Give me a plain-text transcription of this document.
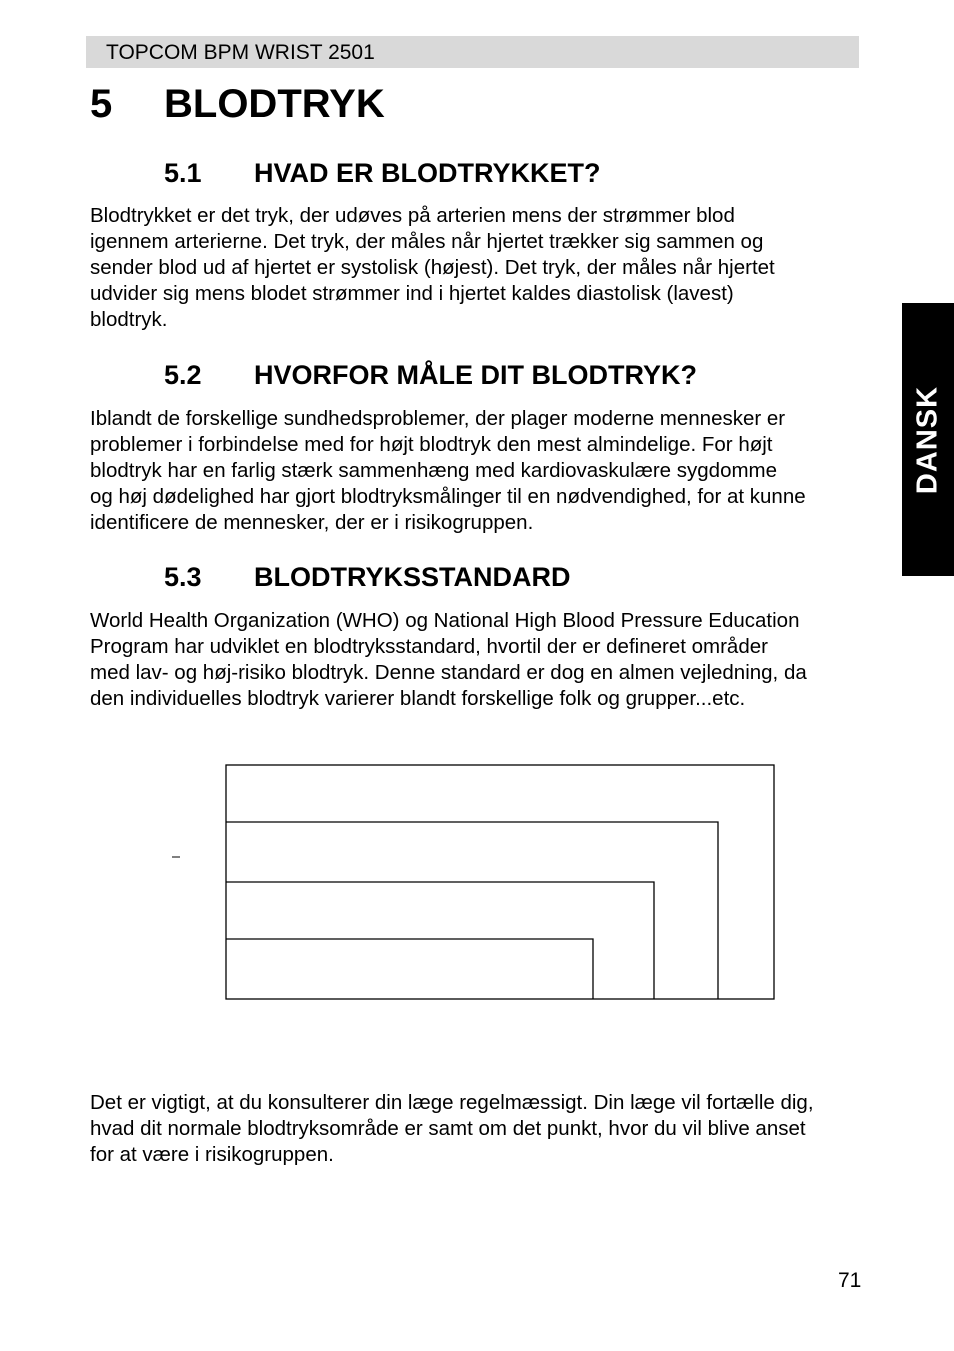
TOPCOM BPM WRIST 2501
DANSK
5 BLODTRYK
5.1 HVAD ER BLODTRYKKET?

Blodtrykket er det tryk, der udøves på arterien mens der strømmer blod
igennem arterierne. Det tryk, der måles når hjertet trækker sig sammen og
sender blod ud af hjertet er systolisk (højest). Det tryk, der måles når hjertet
udvider sig mens blodet strømmer ind i hjertet kaldes diastolisk (lavest)
blodtryk.

5.2 HVORFOR MÅLE DIT BLODTRYK?

Iblandt de forskellige sundhedsproblemer, der plager moderne mennesker er
problemer i forbindelse med for højt blodtryk den mest almindelige. For højt
blodtryk har en farlig stærk sammenhæng med kardiovaskulære sygdomme
og høj dødelighed har gjort blodtryksmålinger til en nødvendighed, for at kunne
identificere de mennesker, der er i risikogruppen.

5.3 BLODTRYKSSTANDARD

World Health Organization (WHO) og National High Blood Pressure Education
Program har udviklet en blodtryksstandard, hvortil der er defineret områder
med lav- og høj-risiko blodtryk. Denne standard er dog en almen vejledning, da
den individuelles blodtryk varierer blandt forskellige folk og grupper...etc.

Det er vigtigt, at du konsulterer din læge regelmæssigt. Din læge vil fortælle dig,
hvad dit normale blodtryksområde er samt om det punkt, hvor du vil blive anset
for at være i risikogruppen.

71
